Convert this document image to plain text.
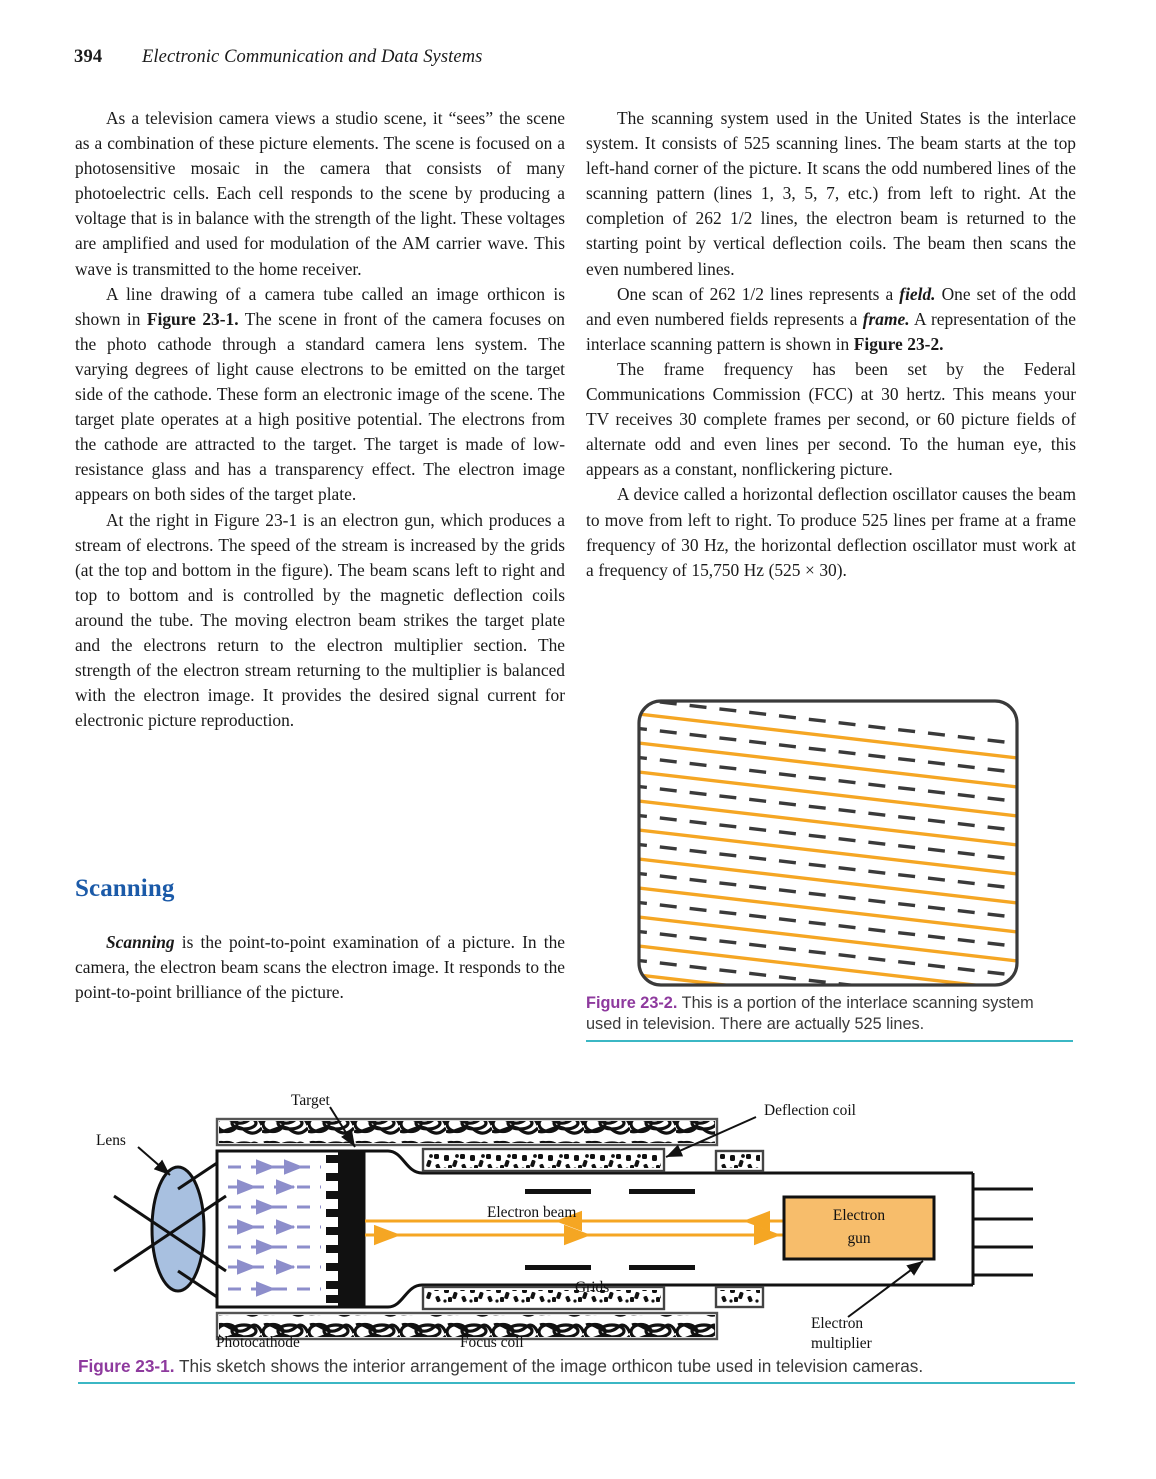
394 Electronic Communication and Data Systems

As a television camera views a studio scene, it “sees” the scene as a combination of these picture elements. The scene is focused on a photosensitive mosaic in the camera that consists of many photoelectric cells. Each cell responds to the scene by producing a voltage that is in balance with the strength of the light. These voltages are amplified and used for modulation of the AM carrier wave. This wave is transmitted to the home receiver.

A line drawing of a camera tube called an image orthicon is shown in Figure 23-1. The scene in front of the camera focuses on the photo cathode through a standard camera lens system. The varying degrees of light cause electrons to be emitted on the target side of the cathode. These form an electronic image of the scene. The target plate operates at a high positive potential. The electrons from the cathode are attracted to the target. The target is made of low-resistance glass and has a transparency effect. The electron image appears on both sides of the target plate.

At the right in Figure 23-1 is an electron gun, which produces a stream of electrons. The speed of the stream is increased by the grids (at the top and bottom in the figure). The beam scans left to right and top to bottom and is controlled by the magnetic deflection coils around the tube. The moving electron beam strikes the target plate and the electrons return to the electron multiplier section. The strength of the electron stream returning to the multiplier is balanced with the electron image. It provides the desired signal current for electronic picture reproduction.

Scanning

Scanning is the point-to-point examination of a picture. In the camera, the electron beam scans the electron image. It responds to the point-to-point brilliance of the picture.

The scanning system used in the United States is the interlace system. It consists of 525 scanning lines. The beam starts at the top left-hand corner of the picture. It scans the odd numbered lines of the scanning pattern (lines 1, 3, 5, 7, etc.) from left to right. At the completion of 262 1/2 lines, the electron beam is returned to the starting point by vertical deflection coils. The beam then scans the even numbered lines.

One scan of 262 1/2 lines represents a field. One set of the odd and even numbered fields represents a frame. A representation of the interlace scanning pattern is shown in Figure 23-2.

The frame frequency has been set by the Federal Communications Commission (FCC) at 30 hertz. This means your TV receives 30 complete frames per second, or 60 picture fields of alternate odd and even lines per second. To the human eye, this appears as a constant, nonflickering picture.

A device called a horizontal deflection oscillator causes the beam to move from left to right. To produce 525 lines per frame at a frame frequency of 30 Hz, the horizontal deflection oscillator must work at a frequency of 15,750 Hz (525 × 30).

Figure 23-2. This is a portion of the interlace scanning system used in television. There are actually 525 lines.
Electron
gun
Target
Lens
Photocathode	Focus coil
Deflection coil
Electron beam
Grids
Electron
multiplier
Figure 23-1. This sketch shows the interior arrangement of the image orthicon tube used in television cameras.
